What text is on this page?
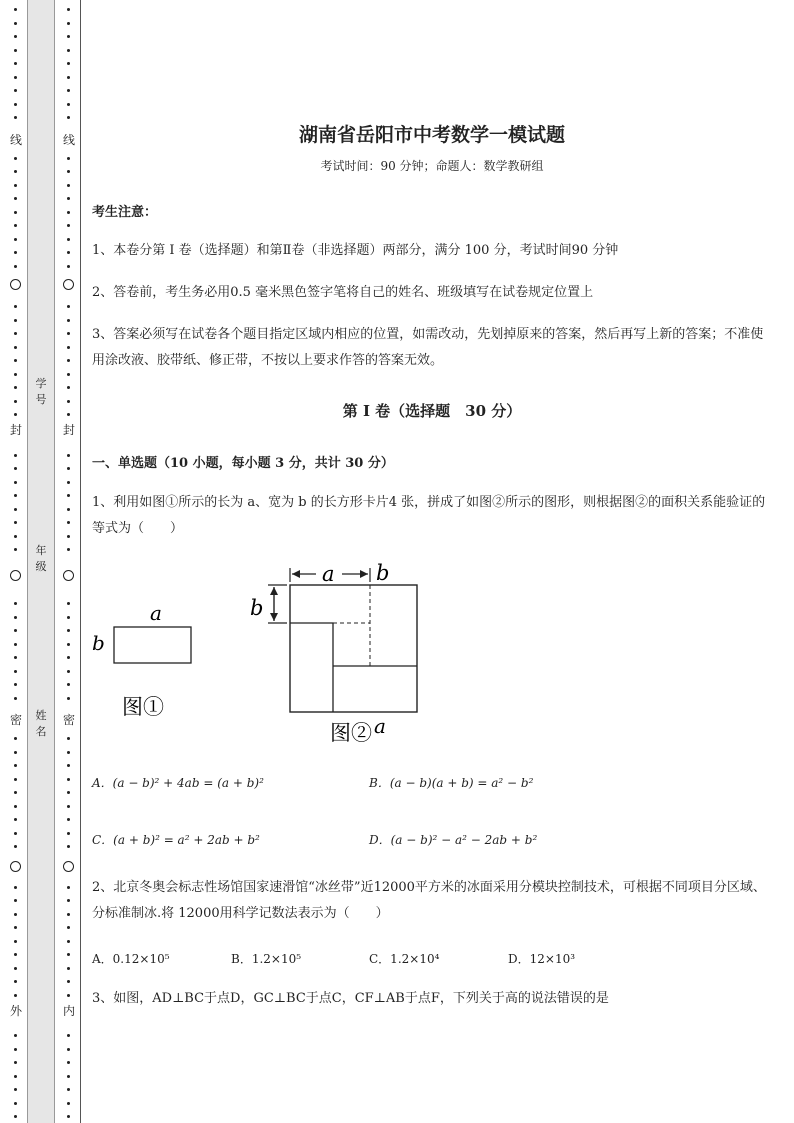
线
封
密
外
线
封
密
内
学号
年级
姓名
湖南省岳阳市中考数学一模试题
考试时间：90 分钟；命题人：数学教研组
考生注意：
1、本卷分第 I 卷（选择题）和第Ⅱ卷（非选择题）两部分，满分 100 分，考试时间90 分钟
2、答卷前，考生务必用0.5 毫米黑色签字笔将自己的姓名、班级填写在试卷规定位置上
3、答案必须写在试卷各个题目指定区域内相应的位置，如需改动，先划掉原来的答案，然后再写上新的答案；不准使用涂改液、胶带纸、修正带，不按以上要求作答的答案无效。
第 I 卷（选择题　30 分）
一、单选题（10 小题，每小题 3 分，共计 30 分）
1、利用如图①所示的长为 a、宽为 b 的长方形卡片4 张，拼成了如图②所示的图形，则根据图②的面积关系能验证的等式为（　　）
a
b
图①
a b
b
图② a
A．(a − b)² + 4ab = (a + b)²	B．(a − b)(a + b) = a² − b²
C．(a + b)² = a² + 2ab + b²	D．(a − b)² − a² − 2ab + b²
2、北京冬奥会标志性场馆国家速滑馆“冰丝带”近12000平方米的冰面采用分模块控制技术，可根据不同项目分区域、分标准制冰.将 12000用科学记数法表示为（　　）
A．0.12×10⁵	B．1.2×10⁵	C．1.2×10⁴	D．12×10³
3、如图，AD⊥BC于点D，GC⊥BC于点C，CF⊥AB于点F，下列关于高的说法错误的是
